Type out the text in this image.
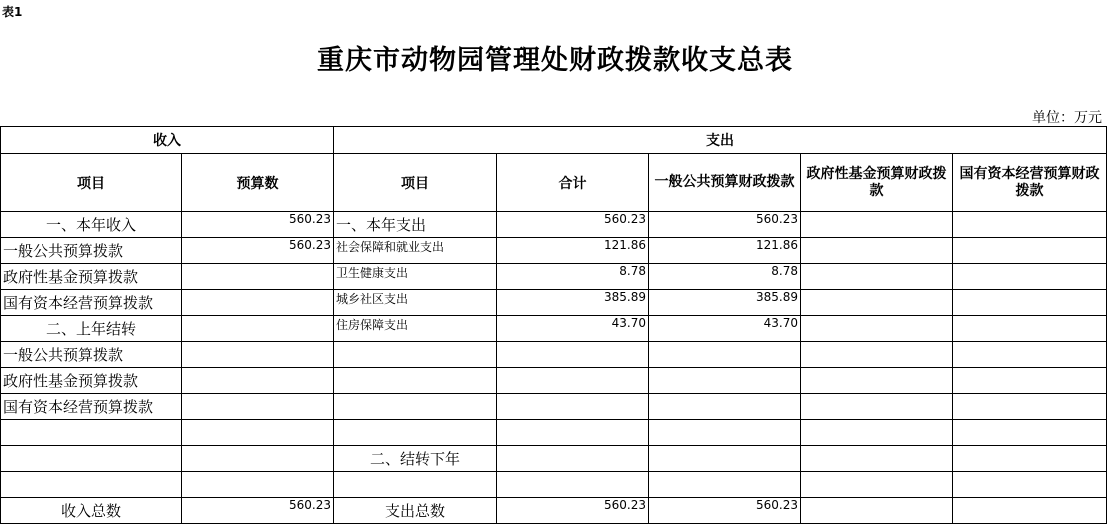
表1
重庆市动物园管理处财政拨款收支总表
单位：万元
收入		支出				
项目	预算数	项目	合计	一般公共预算财政拨款	政府性基金预算财政拨款	国有资本经营预算财政拨款
一、本年收入	560.23	一、本年支出	560.23	560.23		
一般公共预算拨款	560.23	社会保障和就业支出	121.86	121.86		
政府性基金预算拨款		卫生健康支出	8.78	8.78		
国有资本经营预算拨款		城乡社区支出	385.89	385.89		
二、上年结转		住房保障支出	43.70	43.70		
一般公共预算拨款						
政府性基金预算拨款						
国有资本经营预算拨款						

		二、结转下年				

收入总数	560.23	支出总数	560.23	560.23		
